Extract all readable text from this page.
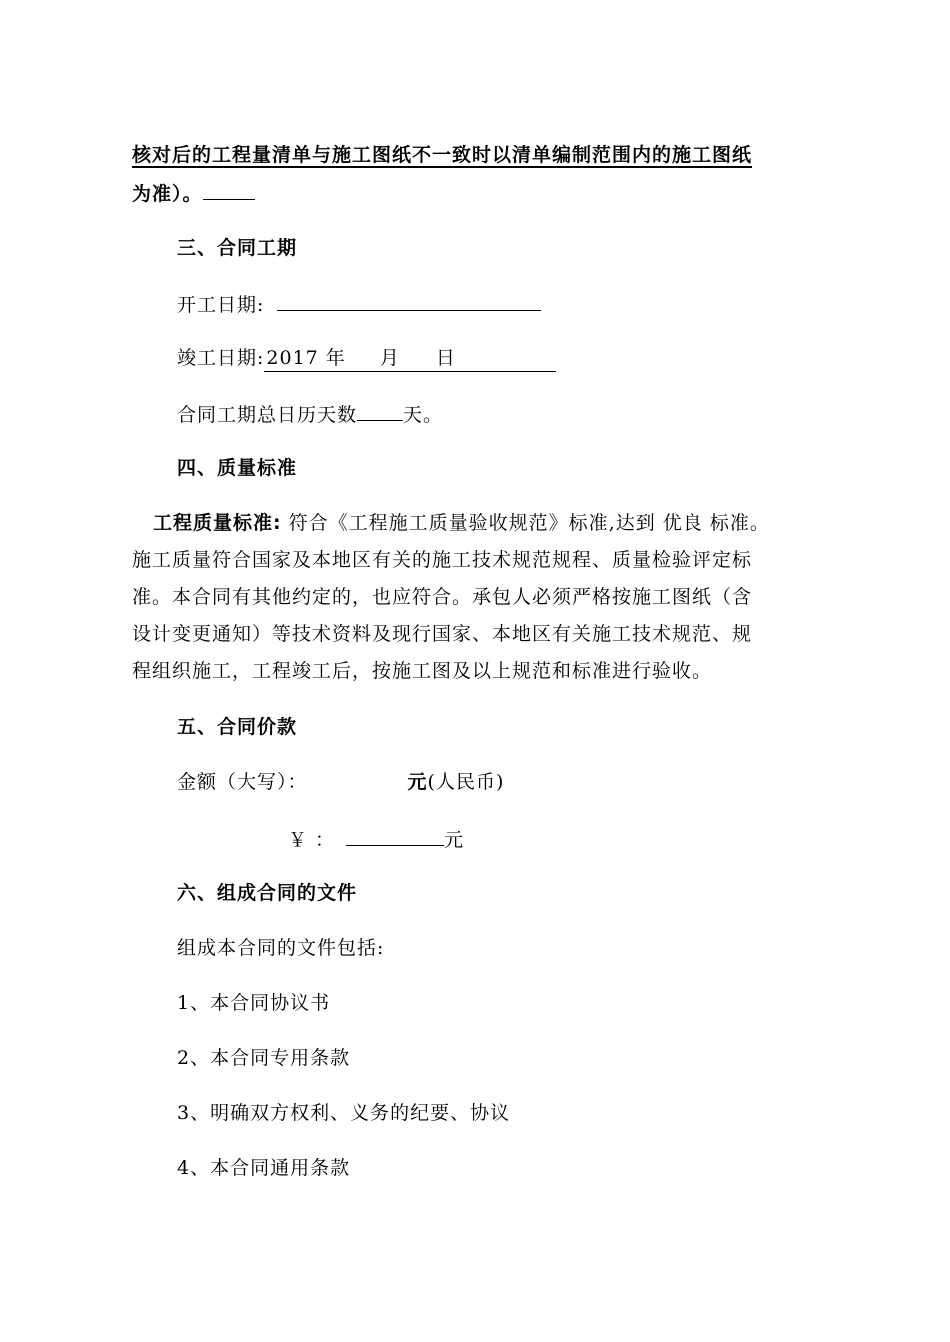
核对后的工程量清单与施工图纸不一致时以清单编制范围内的施工图纸
为准）。
三、合同工期
开工日期:
竣工日期: 2017 年 月 日
合同工期总日历天数 天。
四、质量标准
工程质量标准: 符合《工程施工质量验收规范》标准,达到 优良 标准。
施工质量符合国家及本地区有关的施工技术规范规程、质量检验评定标
准。本合同有其他约定的，也应符合。承包人必须严格按施工图纸（含
设计变更通知）等技术资料及现行国家、本地区有关施工技术规范、规
程组织施工，工程竣工后，按施工图及以上规范和标准进行验收。
五、合同价款
金额（大写）：	元(人民币)
￥ ：	元
六、组成合同的文件
组成本合同的文件包括:
1、本合同协议书
2、本合同专用条款
3、明确双方权利、义务的纪要、协议
4、本合同通用条款
